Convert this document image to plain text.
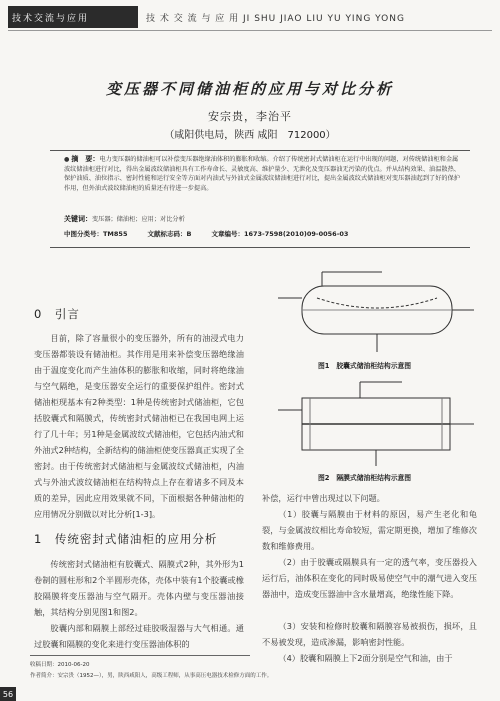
技术交流与应用	技 术 交 流 与 应 用 JI SHU JIAO LIU YU YING YONG
变压器不同储油柜的应用与对比分析
安宗贵，李治平
（咸阳供电局，陕西 咸阳　712000）
● 摘　要：电力变压器的储油柜可以补偿变压器绝缘油体积的膨胀和收缩。介绍了传统密封式储油柜在运行中出现的问题，对传统储油柜和金属波纹储油柜进行对比，得出金属波纹储油柜具有工作寿命长、灵敏度高、维护量少、无泄化及变压器油无污染的优点。并从结构效果、油温散热、保护油质、油位指示、密封性能和运行安全等方面对内油式与外油式金属波纹储油柜进行对比，提出金属波纹式储油柜对变压器油起到了好的保护作用，但外油式波纹储油柜的质量还有待进一步提高。
关键词：变压器；储油柜；应用；对比分析
中图分类号：TM855	文献标志码：B	文章编号：1673-7598(2010)09-0056-03
0　引言
目前，除了容量很小的变压器外，所有的油浸式电力变压器都装设有储油柜。其作用是用来补偿变压器绝缘油由于温度变化而产生油体积的膨胀和收缩，同时将绝缘油与空气隔绝，是变压器安全运行的重要保护组件。密封式储油柜现基本有2种类型：1种是传统密封式储油柜，它包括胶囊式和隔膜式，传统密封式储油柜已在我国电网上运行了几十年；另1种是金属波纹式储油柜，它包括内油式和外油式2种结构，全新结构的储油柜使变压器真正实现了全密封。由于传统密封式储油柜与金属波纹式储油柜，内油式与外油式波纹储油柜在结构特点上存在着诸多不同及本质的差异，因此应用效果就不同，下面根据各种储油柜的应用情况分别做以对比分析[1-3]。
1　传统密封式储油柜的应用分析
传统密封式储油柜有胶囊式、隔膜式2种，其外形为1卷制的圆柱形和2个半圆形壳体，壳体中装有1个胶囊或橡胶隔膜将变压器油与空气隔开。壳体内壁与变压器油接触，其结构分别见图1和图2。
胶囊内部和隔膜上部经过硅胶吸湿器与大气相通。通过胶囊和隔膜的变化来进行变压器油体积的
图1　胶囊式储油柜结构示意图
图2　隔膜式储油柜结构示意图
补偿，运行中曾出现过以下问题。
（1）胶囊与隔膜由于材料的原因，易产生老化和龟裂，与金属波纹相比寿命较短，需定期更换，增加了维修次数和维修费用。
（2）由于胶囊或隔膜具有一定的透气率，变压器投入运行后，油体积在变化的同时吸易使空气中的潮气进入变压器油中，造成变压器油中含水量增高，绝缘性能下降。
（3）安装和检修时胶囊和隔膜容易被损伤，损坏，且不易被发现，造成渗漏，影响密封性能。
（4）胶囊和隔膜上下2面分别是空气和油，由于
收稿日期：2010-06-20
作者简介：安宗贵（1952—），男，陕西咸阳人，高级工程师，从事高压电器技术检修方面的工作。
56
